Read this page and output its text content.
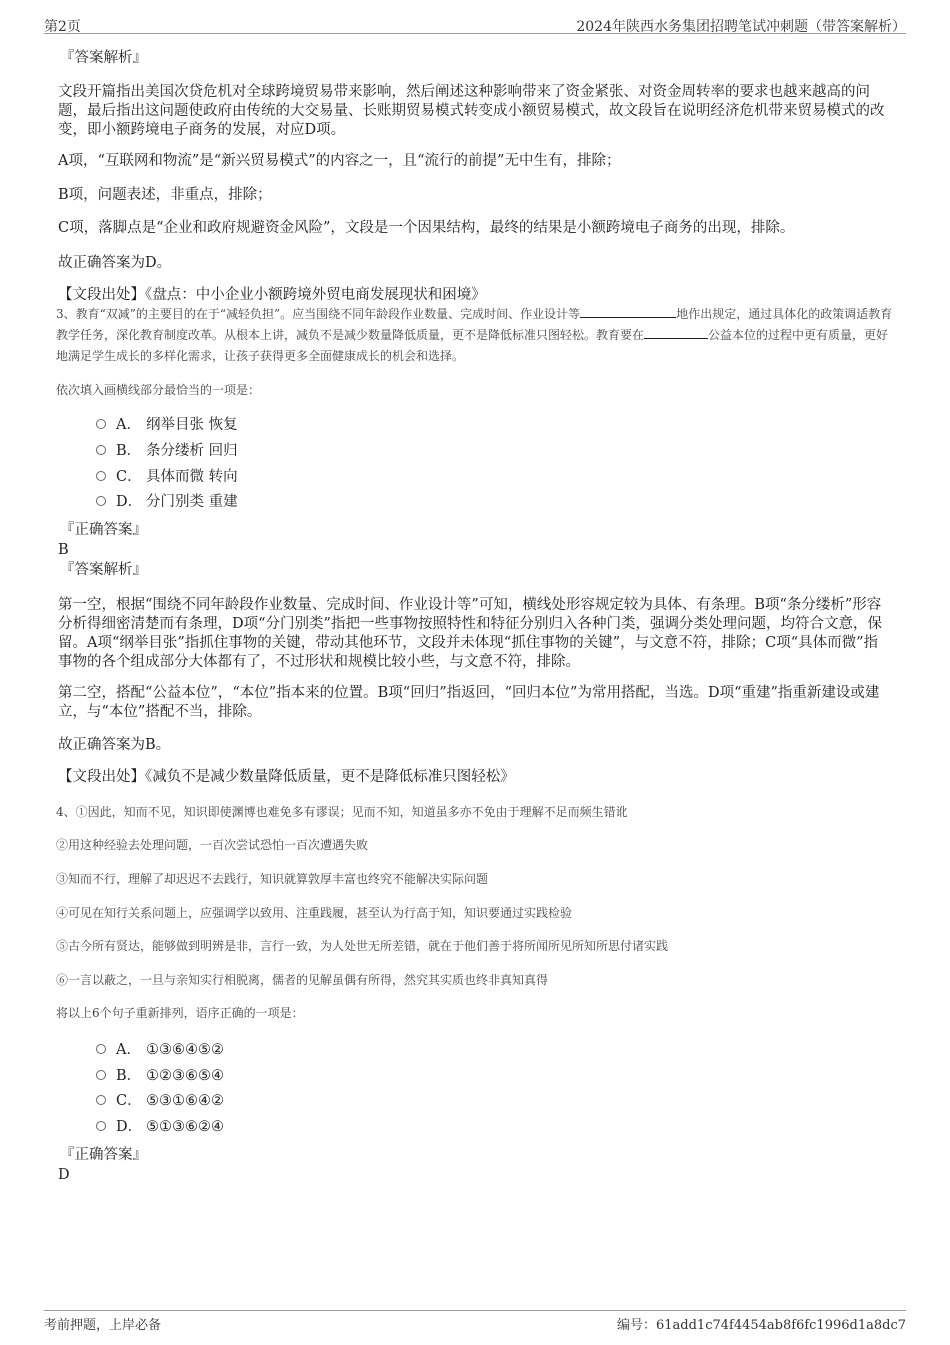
第2页	2024年陕西水务集团招聘笔试冲刺题（带答案解析）
『答案解析』
文段开篇指出美国次贷危机对全球跨境贸易带来影响，然后阐述这种影响带来了资金紧张、对资金周转率的要求也越来越高的问题，最后指出这问题使政府由传统的大交易量、长账期贸易模式转变成小额贸易模式，故文段旨在说明经济危机带来贸易模式的改变，即小额跨境电子商务的发展，对应D项。
A项，“互联网和物流”是“新兴贸易模式”的内容之一，且“流行的前提”无中生有，排除；
B项，问题表述，非重点，排除；
C项，落脚点是“企业和政府规避资金风险”，文段是一个因果结构，最终的结果是小额跨境电子商务的出现，排除。
故正确答案为D。
【文段出处】《盘点：中小企业小额跨境外贸电商发展现状和困境》
3、教育“双减”的主要目的在于“减轻负担”。应当围绕不同年龄段作业数量、完成时间、作业设计等	地作出规定，通过具体化的政策调适教育教学任务，深化教育制度改革。从根本上讲，减负不是减少数量降低质量，更不是降低标准只图轻松。教育要在	公益本位的过程中更有质量，更好地满足学生成长的多样化需求，让孩子获得更多全面健康成长的机会和选择。
依次填入画横线部分最恰当的一项是：
A． 纲举目张 恢复
B． 条分缕析 回归
C． 具体而微 转向
D． 分门别类 重建
『正确答案』
B
『答案解析』
第一空，根据“围绕不同年龄段作业数量、完成时间、作业设计等”可知，横线处形容规定较为具体、有条理。B项“条分缕析”形容分析得细密清楚而有条理，D项“分门别类”指把一些事物按照特性和特征分别归入各种门类，强调分类处理问题，均符合文意，保留。A项“纲举目张”指抓住事物的关键，带动其他环节，文段并未体现“抓住事物的关键”，与文意不符，排除；C项“具体而微”指事物的各个组成部分大体都有了，不过形状和规模比较小些，与文意不符，排除。
第二空，搭配“公益本位”，“本位”指本来的位置。B项“回归”指返回，“回归本位”为常用搭配，当选。D项“重建”指重新建设或建立，与“本位”搭配不当，排除。
故正确答案为B。
【文段出处】《减负不是减少数量降低质量，更不是降低标准只图轻松》
4、①因此，知而不见，知识即使渊博也难免多有谬误；见而不知，知道虽多亦不免由于理解不足而频生错讹
②用这种经验去处理问题，一百次尝试恐怕一百次遭遇失败
③知而不行，理解了却迟迟不去践行，知识就算敦厚丰富也终究不能解决实际问题
④可见在知行关系问题上，应强调学以致用、注重践履，甚至认为行高于知，知识要通过实践检验
⑤古今所有贤达，能够做到明辨是非，言行一致，为人处世无所差错，就在于他们善于将所闻所见所知所思付诸实践
⑥一言以蔽之，一旦与亲知实行相脱离，儒者的见解虽偶有所得，然究其实质也终非真知真得
将以上6个句子重新排列，语序正确的一项是：
A． ①③⑥④⑤②
B． ①②③⑥⑤④
C． ⑤③①⑥④②
D． ⑤①③⑥②④
『正确答案』
D
考前押题，上岸必备	编号：61add1c74f4454ab8f6fc1996d1a8dc7
